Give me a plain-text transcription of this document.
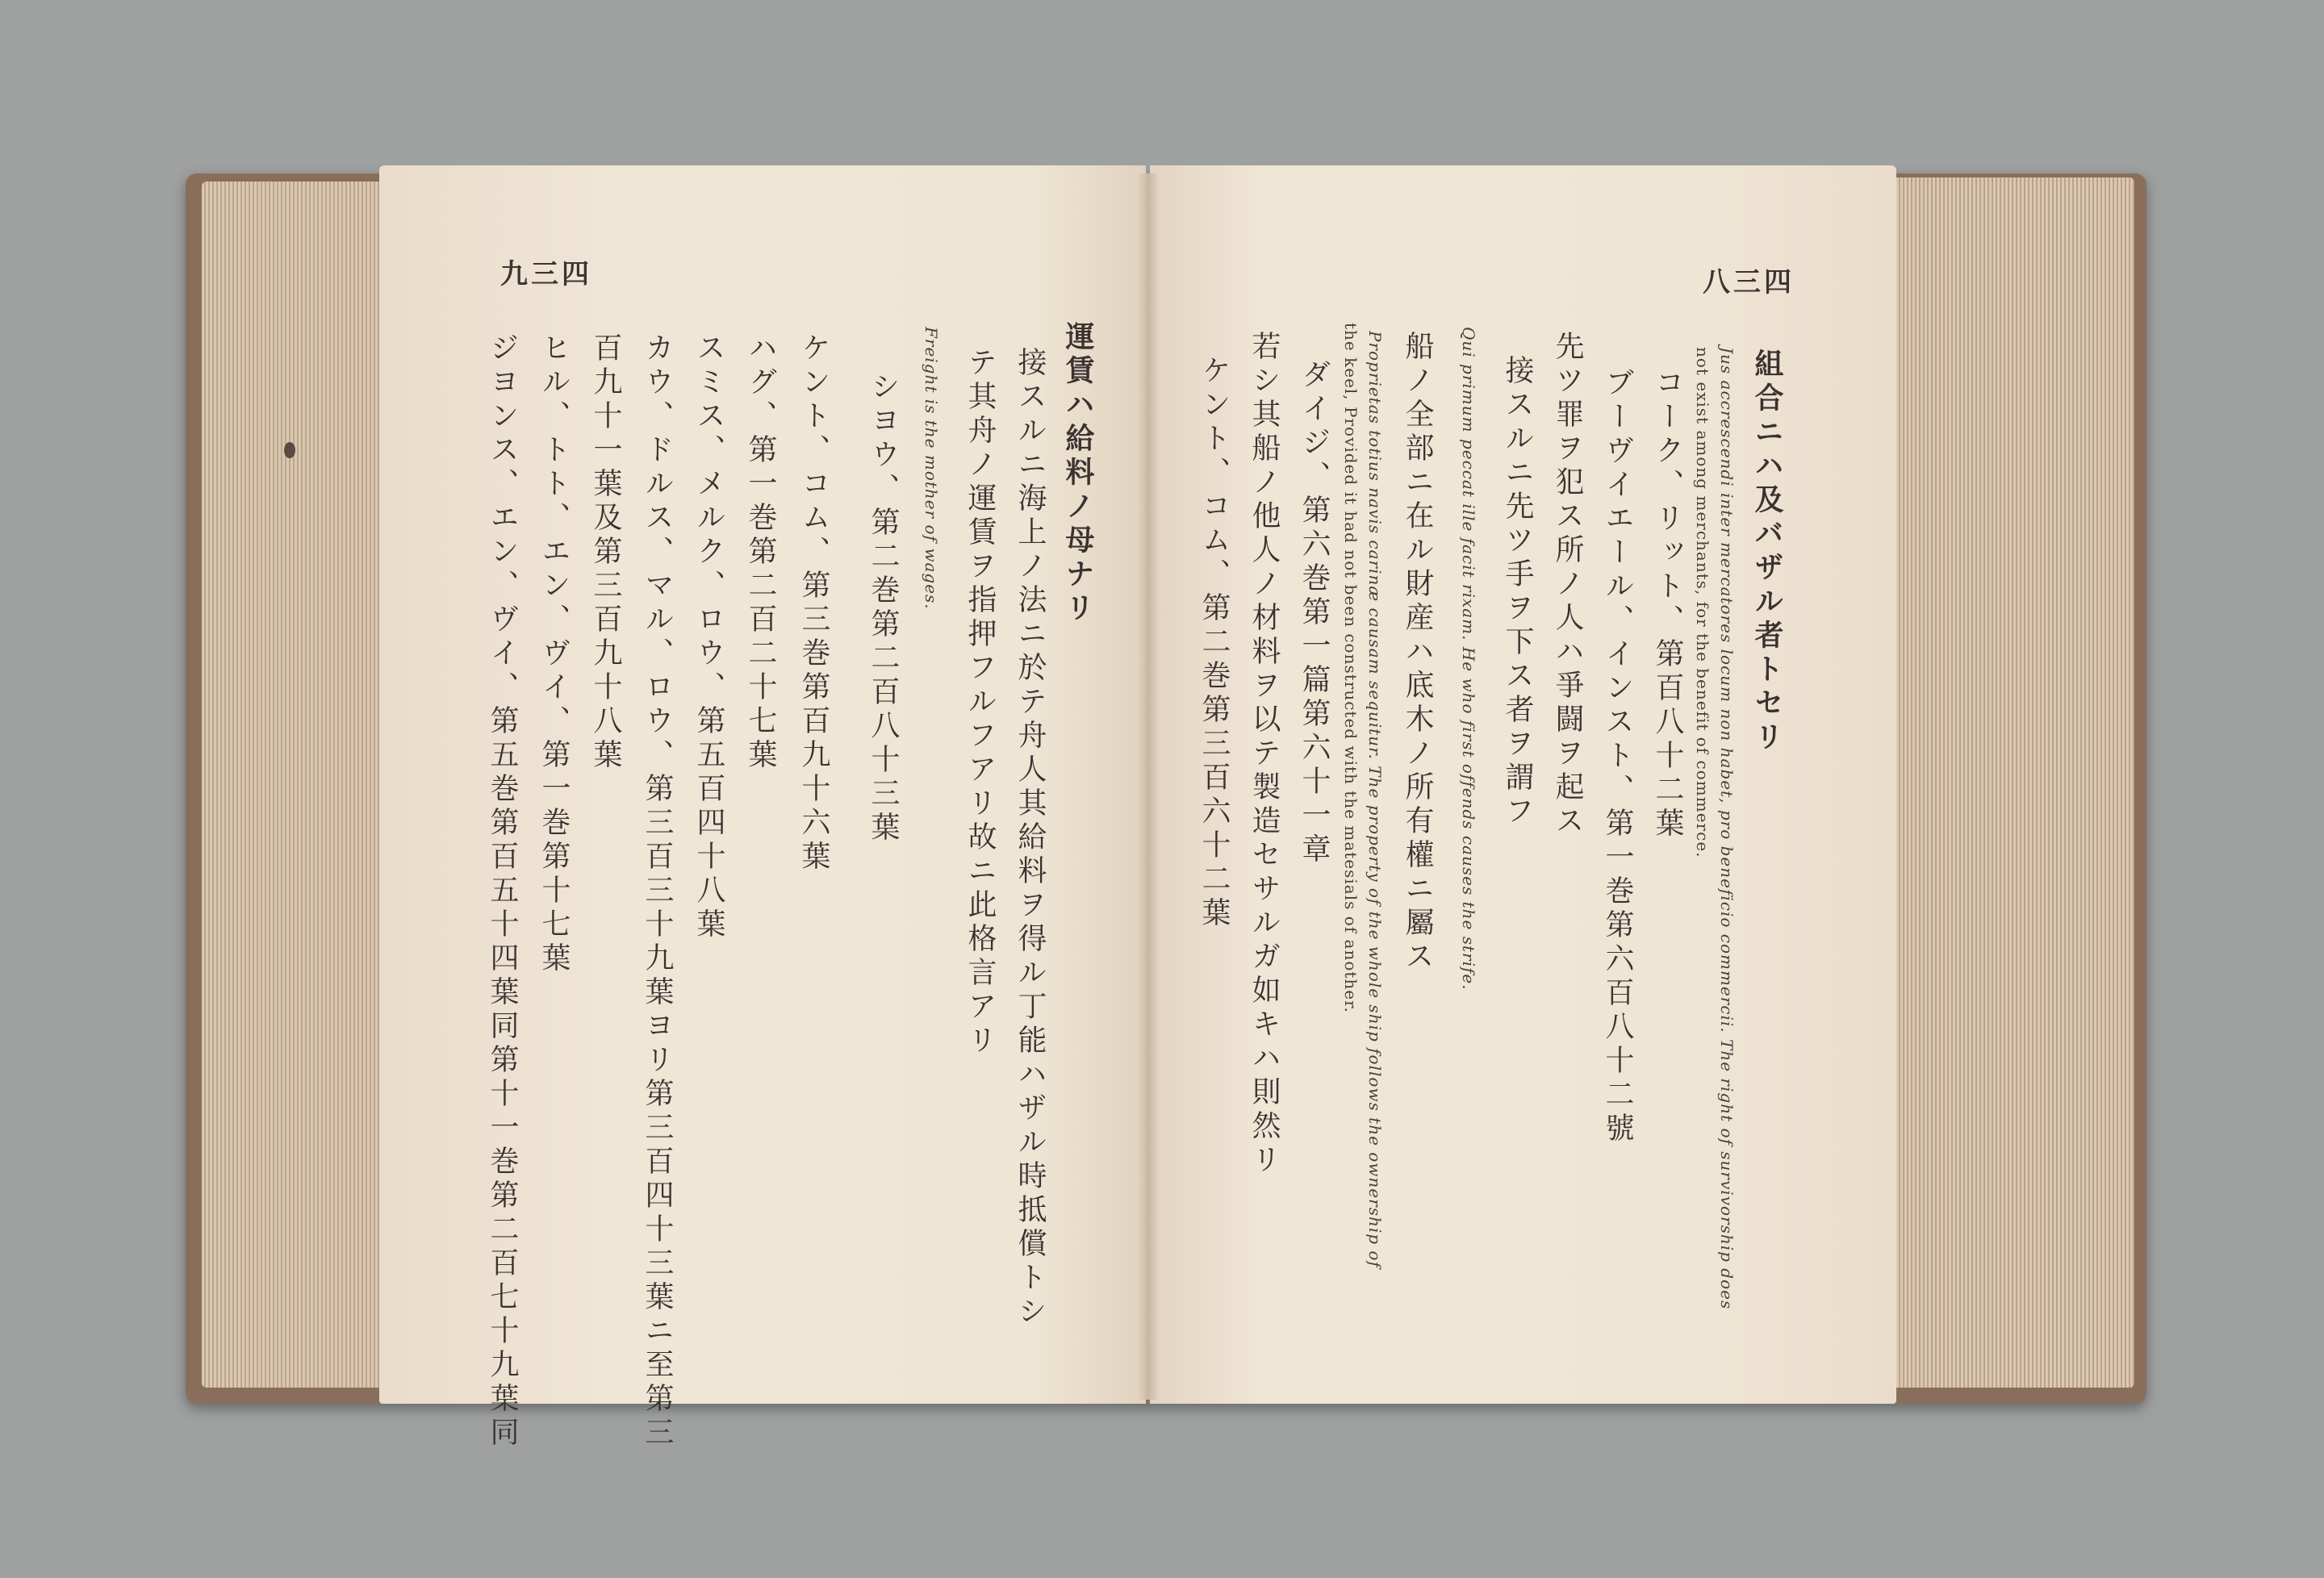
九三四
運賃ハ給料ノ母ナリ
接スルニ海上ノ法ニ於テ舟人其給料ヲ得ル丁能ハザル時抵償トシ
テ其舟ノ運賃ヲ指押フルフアリ故ニ此格言アリ
Freight is the mother of wages.
シヨウ、第二巻第二百八十三葉
ケント、コム、第三巻第百九十六葉
ハグ、第一巻第二百二十七葉
スミス、メルク、ロウ、第五百四十八葉
カウ、ドルス、マル、ロウ、第三百三十九葉ヨリ第三百四十三葉ニ至第三
百九十一葉及第三百九十八葉
ヒル、トト、エン、ヴイ、第一巻第十七葉
ジヨンス、エン、ヴイ、第五巻第百五十四葉同第十一巻第二百七十九葉同
八三四
組合ニハ及バザル者トセリ
Jus accrescendi inter mercatores locum non habet, pro beneficio commercii. The right of survivorship does
not exist among merchants, for the benefit of commerce.
コーク、リット、第百八十二葉
ブーヴイエール、インスト、第一巻第六百八十二號
先ツ罪ヲ犯ス所ノ人ハ爭闘ヲ起ス
接スルニ先ツ手ヲ下ス者ヲ謂フ
Qui primum peccat ille facit rixam. He who first offends causes the strife.
船ノ全部ニ在ル財産ハ底木ノ所有權ニ屬ス
Proprietas totius navis carinæ causam sequitur. The property of the whole ship follows the ownership of
the keel, Provided it had not been constructed with the matesials of another.
ダイジ、第六巻第一篇第六十一章
若シ其船ノ他人ノ材料ヲ以テ製造セサルガ如キハ則然リ
ケント、コム、第二巻第三百六十二葉
